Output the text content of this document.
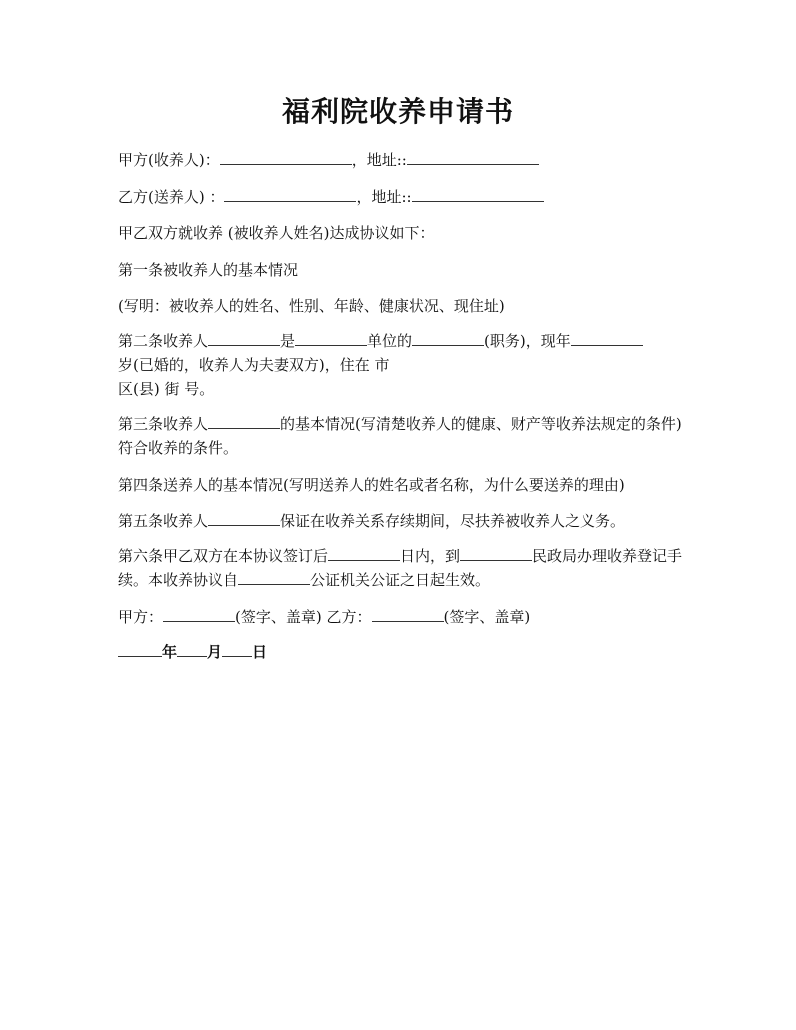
福利院收养申请书
甲方(收养人)：	，地址::
乙方(送养人) ：	，地址::
甲乙双方就收养 (被收养人姓名)达成协议如下：
第一条被收养人的基本情况
(写明：被收养人的姓名、性别、年龄、健康状况、现住址)
第二条收养人	是	单位的	(职务)，现年
岁(已婚的，收养人为夫妻双方)，住在 市
区(县) 街 号。
第三条收养人	的基本情况(写清楚收养人的健康、财产等收养法规定的条件)符合收养的条件。
第四条送养人的基本情况(写明送养人的姓名或者名称，为什么要送养的理由)
第五条收养人	保证在收养关系存续期间，尽扶养被收养人之义务。
第六条甲乙双方在本协议签订后	日内，到	民政局办理收养登记手续。本收养协议自	公证机关公证之日起生效。
甲方：	(签字、盖章) 乙方：	(签字、盖章)
年 月 日
